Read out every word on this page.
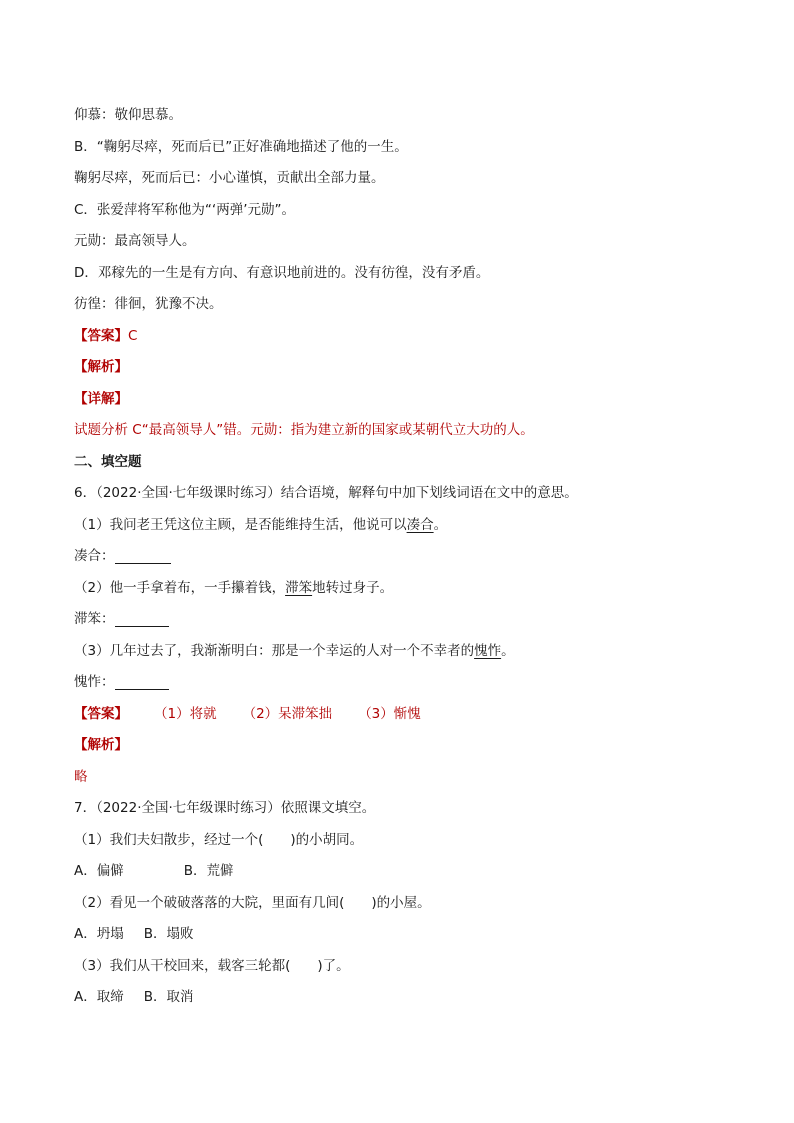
仰慕：敬仰思慕。
B．“鞠躬尽瘁，死而后已”正好准确地描述了他的一生。
鞠躬尽瘁，死而后已：小心谨慎，贡献出全部力量。
C．张爱萍将军称他为“‘两弹’元勋”。
元勋：最高领导人。
D．邓稼先的一生是有方向、有意识地前进的。没有彷徨，没有矛盾。
彷徨：徘徊，犹豫不决。
【答案】C
【解析】
【详解】
试题分析 C“最高领导人”错。元勋：指为建立新的国家或某朝代立大功的人。
二、填空题
6．（2022·全国·七年级课时练习）结合语境，解释句中加下划线词语在文中的意思。
（1）我问老王凭这位主顾，是否能维持生活，他说可以凑合。
凑合：
（2）他一手拿着布，一手攥着钱，滞笨地转过身子。
滞笨：
（3）几年过去了，我渐渐明白：那是一个幸运的人对一个不幸者的愧怍。
愧怍：
【答案】 （1）将就 （2）呆滞笨拙 （3）惭愧
【解析】
略
7．（2022·全国·七年级课时练习）依照课文填空。
（1）我们夫妇散步，经过一个(　　)的小胡同。
A．偏僻	B．荒僻
（2）看见一个破破落落的大院，里面有几间(　　)的小屋。
A．坍塌 B．塌败
（3）我们从干校回来，载客三轮都(　　)了。
A．取缔 B．取消
